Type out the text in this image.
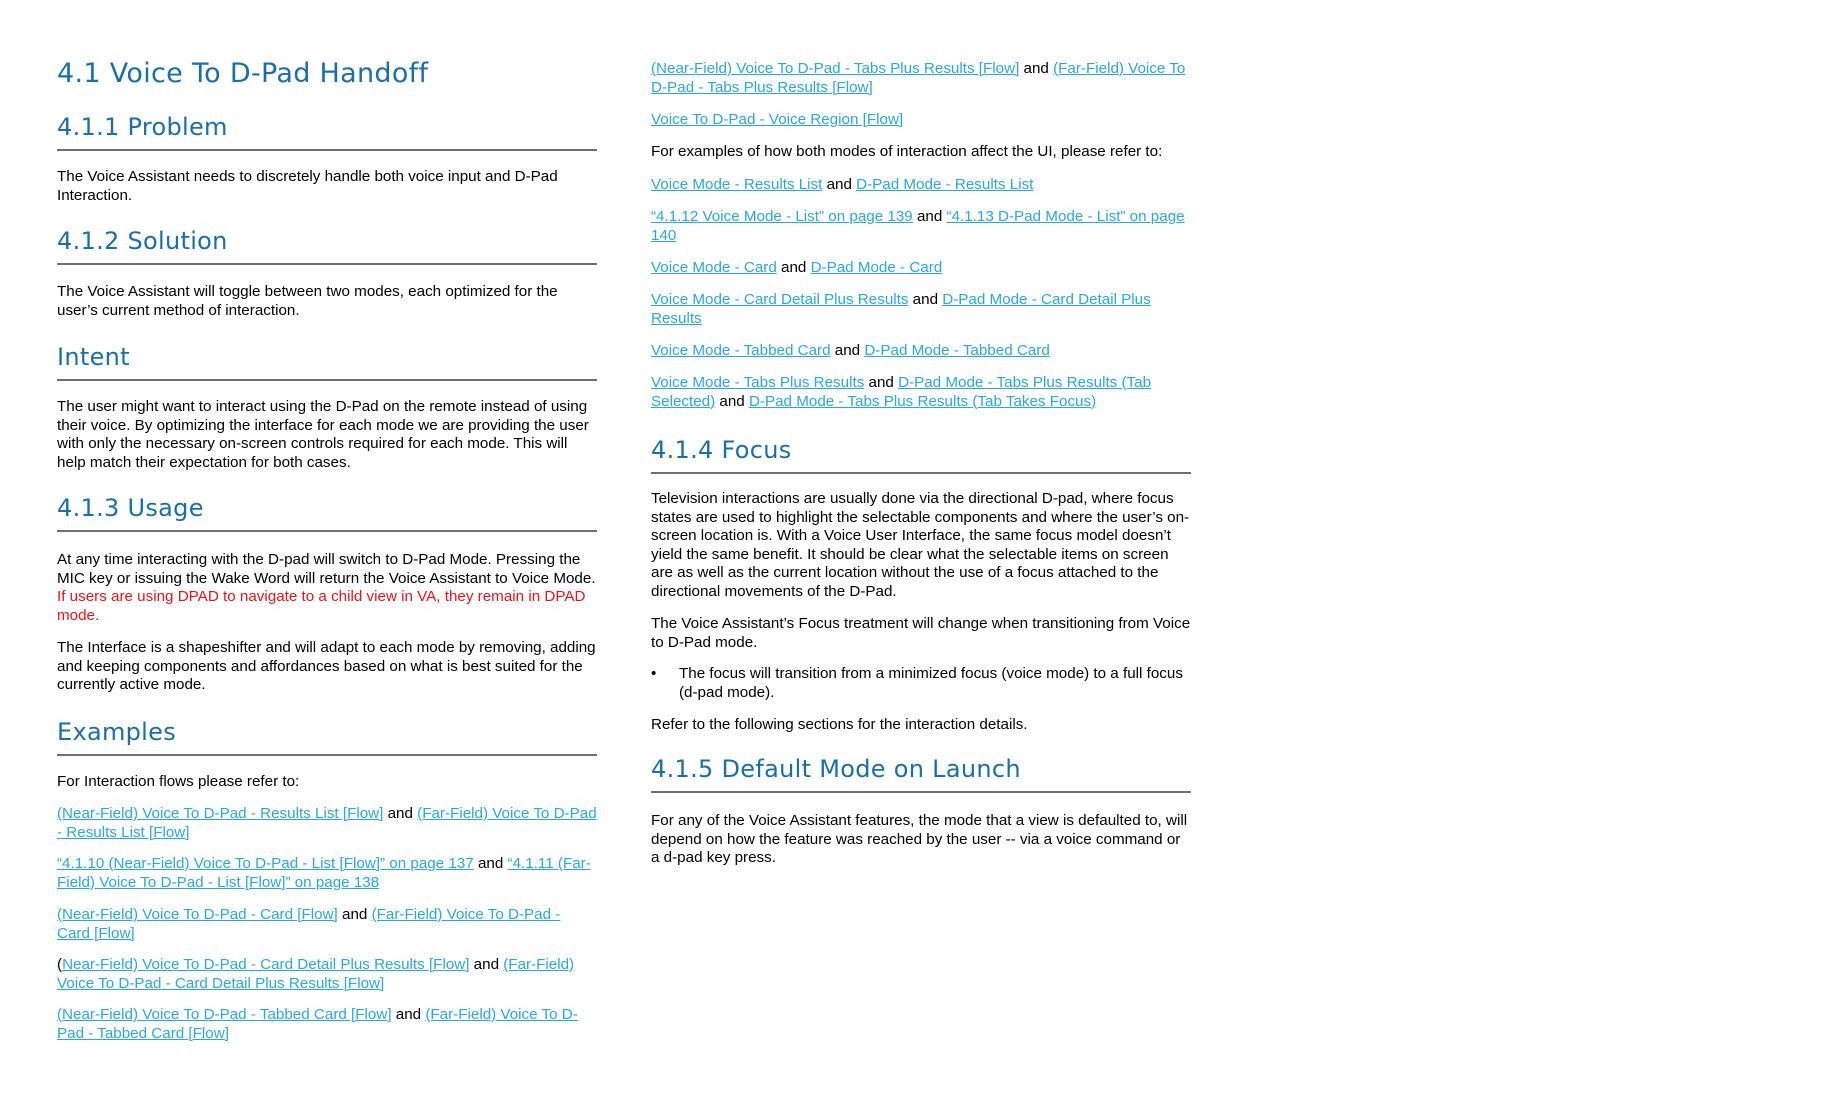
4.1 Voice To D-Pad Handoff
4.1.1 Problem

The Voice Assistant needs to discretely handle both voice input and D-Pad Interaction.

4.1.2 Solution

The Voice Assistant will toggle between two modes, each optimized for the user’s current method of interaction.

Intent

The user might want to interact using the D-Pad on the remote instead of using their voice. By optimizing the interface for each mode we are providing the user with only the necessary on-screen controls required for each mode. This will help match their expectation for both cases.

4.1.3 Usage

At any time interacting with the D-pad will switch to D-Pad Mode. Pressing the MIC key or issuing the Wake Word will return the Voice Assistant to Voice Mode. If users are using DPAD to navigate to a child view in VA, they remain in DPAD mode.

The Interface is a shapeshifter and will adapt to each mode by removing, adding and keeping components and affordances based on what is best suited for the currently active mode.

Examples

For Interaction flows please refer to:

(Near-Field) Voice To D-Pad - Results List [Flow] and (Far-Field) Voice To D-Pad - Results List [Flow]

“4.1.10 (Near-Field) Voice To D-Pad - List [Flow]” on page 137 and “4.1.11 (Far-Field) Voice To D-Pad - List [Flow]” on page 138

(Near-Field) Voice To D-Pad - Card [Flow] and (Far-Field) Voice To D-Pad - Card [Flow]

(Near-Field) Voice To D-Pad - Card Detail Plus Results [Flow] and (Far-Field) Voice To D-Pad - Card Detail Plus Results [Flow]

(Near-Field) Voice To D-Pad - Tabbed Card [Flow] and (Far-Field) Voice To D-Pad - Tabbed Card [Flow]

(Near-Field) Voice To D-Pad - Tabs Plus Results [Flow] and (Far-Field) Voice To D-Pad - Tabs Plus Results [Flow]

Voice To D-Pad - Voice Region [Flow]

For examples of how both modes of interaction affect the UI, please refer to:

Voice Mode - Results List and D-Pad Mode - Results List

“4.1.12 Voice Mode - List” on page 139 and “4.1.13 D-Pad Mode - List” on page 140

Voice Mode - Card and D-Pad Mode - Card

Voice Mode - Card Detail Plus Results and D-Pad Mode - Card Detail Plus Results

Voice Mode - Tabbed Card and D-Pad Mode - Tabbed Card

Voice Mode - Tabs Plus Results and D-Pad Mode - Tabs Plus Results (Tab Selected) and D-Pad Mode - Tabs Plus Results (Tab Takes Focus)

4.1.4 Focus

Television interactions are usually done via the directional D-pad, where focus states are used to highlight the selectable components and where the user’s on-screen location is. With a Voice User Interface, the same focus model doesn’t yield the same benefit. It should be clear what the selectable items on screen are as well as the current location without the use of a focus attached to the directional movements of the D-Pad.

The Voice Assistant’s Focus treatment will change when transitioning from Voice to D-Pad mode.

• The focus will transition from a minimized focus (voice mode) to a full focus (d-pad mode).

Refer to the following sections for the interaction details.

4.1.5 Default Mode on Launch

For any of the Voice Assistant features, the mode that a view is defaulted to, will depend on how the feature was reached by the user -- via a voice command or a d-pad key press.
